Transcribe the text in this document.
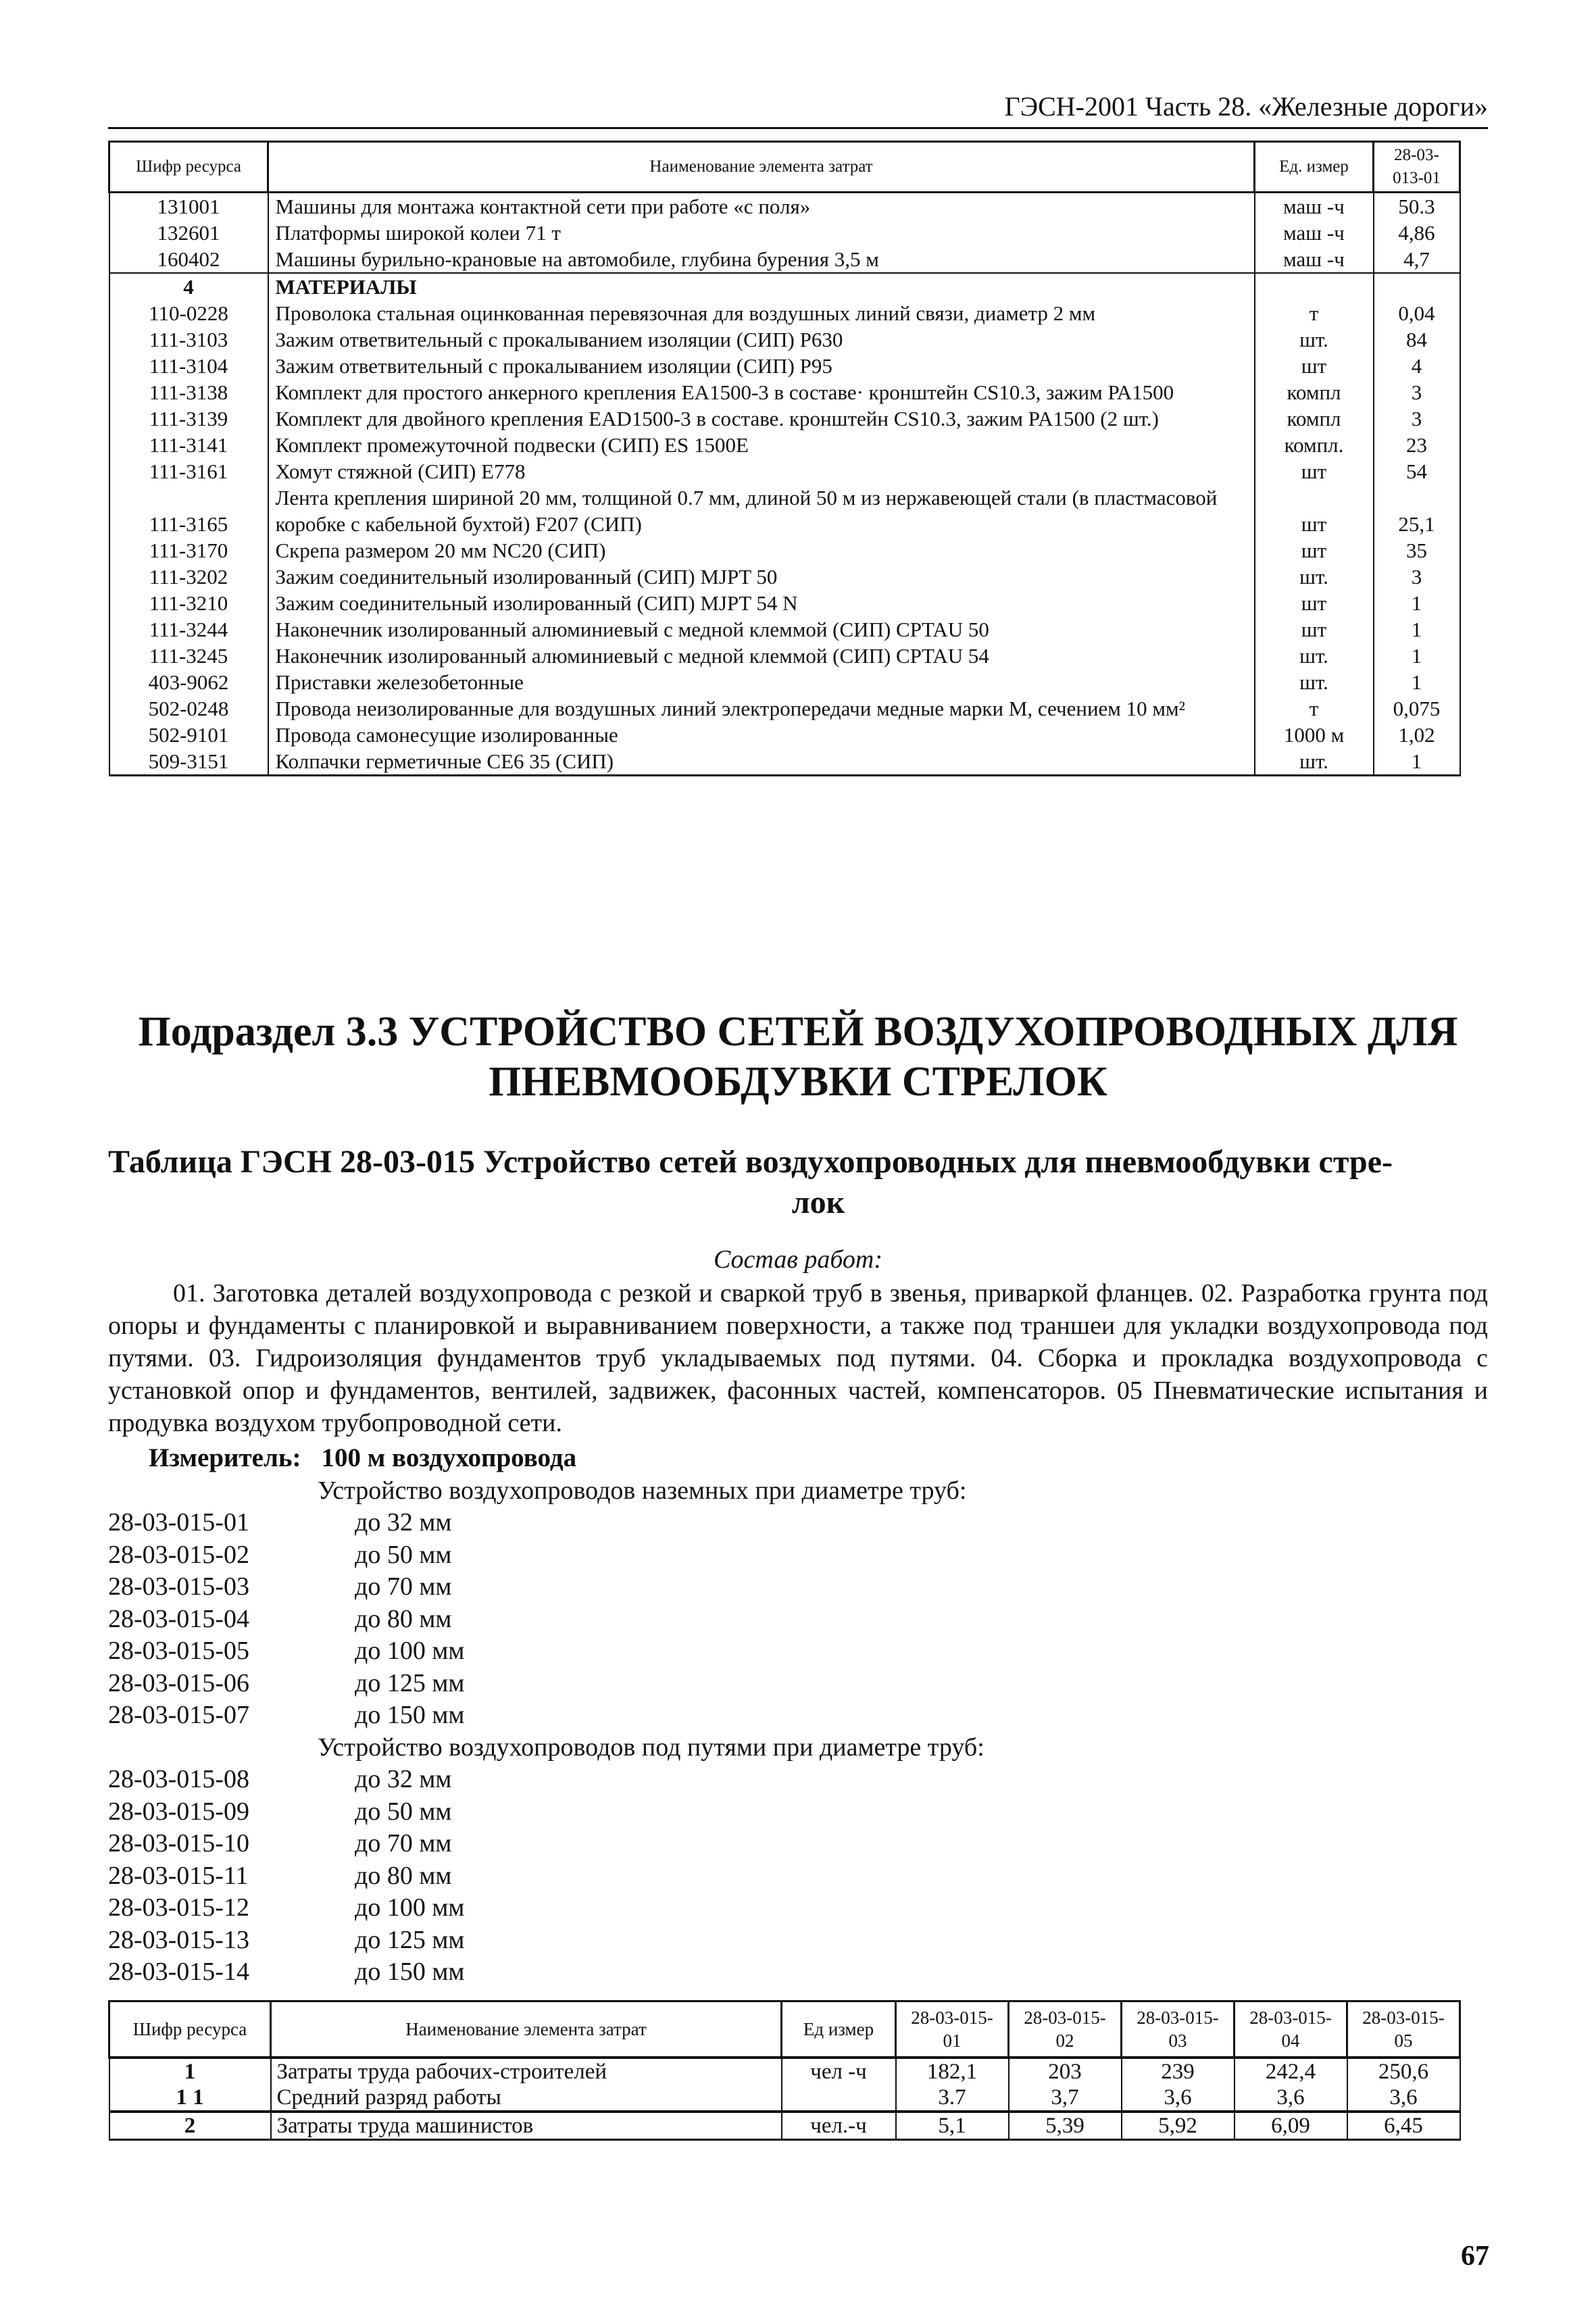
ГЭСН-2001 Часть 28. «Железные дороги»
Шифр ресурса	Наименование элемента затрат	Ед. измер	28-03-013-01
131001	Машины для монтажа контактной сети при работе «с поля»	маш -ч	50.3
132601	Платформы широкой колеи 71 т	маш -ч	4,86
160402	Машины бурильно-крановые на автомобиле, глубина бурения 3,5 м	маш -ч	4,7
4	МАТЕРИАЛЫ		
110-0228	Проволока стальная оцинкованная перевязочная для воздушных линий связи, диаметр 2 мм	т	0,04
111-3103	Зажим ответвительный с прокалыванием изоляции (СИП) Р630	шт.	84
111-3104	Зажим ответвительный с прокалыванием изоляции (СИП) Р95	шт	4
111-3138	Комплект для простого анкерного крепления ЕА1500-3 в составе· кронштейн CS10.3, зажим РА1500	компл	3
111-3139	Комплект для двойного крепления EAD1500-3 в составе. кронштейн CS10.3, зажим PA1500 (2 шт.)	компл	3
111-3141	Комплект промежуточной подвески (СИП) ES 1500E	компл.	23
111-3161	Хомут стяжной (СИП) Е778	шт	54
111-3165	Лента крепления шириной 20 мм, толщиной 0.7 мм, длиной 50 м из нержавеющей стали (в пластмасовой коробке с кабельной бухтой) F207 (СИП)	шт	25,1
111-3170	Скрепа размером 20 мм NC20 (СИП)	шт	35
111-3202	Зажим соединительный изолированный (СИП) MJPT 50	шт.	3
111-3210	Зажим соединительный изолированный (СИП) MJPT 54 N	шт	1
111-3244	Наконечник изолированный алюминиевый с медной клеммой (СИП) CPTAU 50	шт	1
111-3245	Наконечник изолированный алюминиевый с медной клеммой (СИП) CPTAU 54	шт.	1
403-9062	Приставки железобетонные	шт.	1
502-0248	Провода неизолированные для воздушных линий электропередачи медные марки М, сечением 10 мм²	т	0,075
502-9101	Провода самонесущие изолированные	1000 м	1,02
509-3151	Колпачки герметичные СЕ6 35 (СИП)	шт.	1
Подраздел 3.3 УСТРОЙСТВО СЕТЕЙ ВОЗДУХОПРОВОДНЫХ ДЛЯ ПНЕВМООБДУВКИ СТРЕЛОК
Таблица ГЭСН 28-03-015 Устройство сетей воздухопроводных для пневмообдувки стре-
лок
Состав работ:
01. Заготовка деталей воздухопровода с резкой и сваркой труб в звенья, приваркой фланцев. 02. Разработка грунта под опоры и фундаменты с планировкой и выравниванием поверхности, а также под траншеи для укладки воздухопровода под путями. 03. Гидроизоляция фундаментов труб укладываемых под путями. 04. Сборка и прокладка воздухопровода с установкой опор и фундаментов, вентилей, задвижек, фасонных частей, компенсаторов. 05 Пневматические испытания и продувка воздухом трубопроводной сети.
Измеритель: 100 м воздухопровода
Устройство воздухопроводов наземных при диаметре труб:
28-03-015-01	до 32 мм
28-03-015-02	до 50 мм
28-03-015-03	до 70 мм
28-03-015-04	до 80 мм
28-03-015-05	до 100 мм
28-03-015-06	до 125 мм
28-03-015-07	до 150 мм
Устройство воздухопроводов под путями при диаметре труб:
28-03-015-08	до 32 мм
28-03-015-09	до 50 мм
28-03-015-10	до 70 мм
28-03-015-11	до 80 мм
28-03-015-12	до 100 мм
28-03-015-13	до 125 мм
28-03-015-14	до 150 мм
Шифр ресурса	Наименование элемента затрат	Ед измер	28-03-015-01	28-03-015-02	28-03-015-03	28-03-015-04	28-03-015-05
1	Затраты труда рабочих-строителей	чел -ч	182,1	203	239	242,4	250,6
1 1	Средний разряд работы		3.7	3,7	3,6	3,6	3,6
2	Затраты труда машинистов	чел.-ч	5,1	5,39	5,92	6,09	6,45
67
